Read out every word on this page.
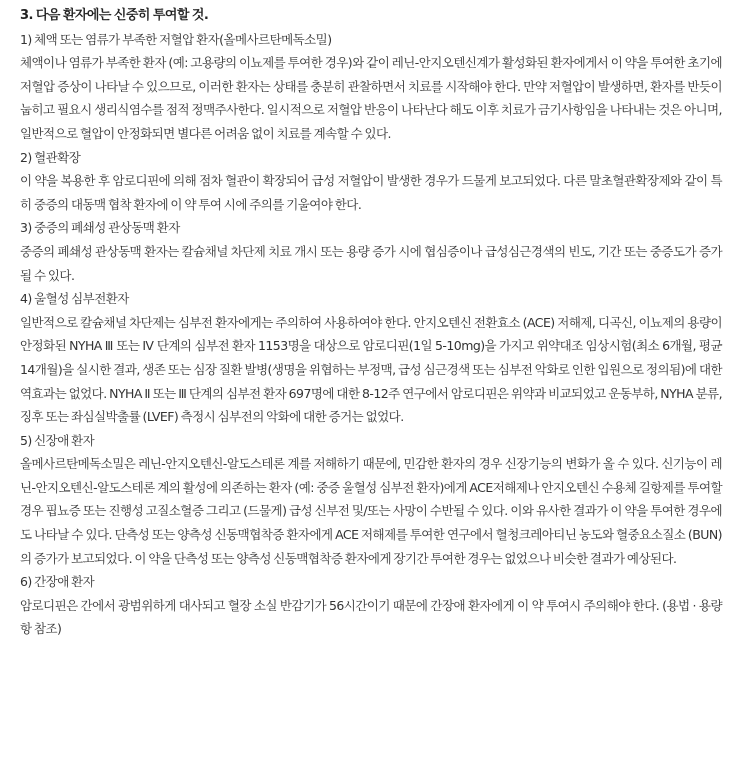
3. 다음 환자에는 신중히 투여할 것.

1) 체액 또는 염류가 부족한 저혈압 환자(올메사르탄메독소밀)

체액이나 염류가 부족한 환자 (예: 고용량의 이뇨제를 투여한 경우)와 같이 레닌-안지오텐신계가 활성화된 환자에게서 이 약을 투여한 초기에 저혈압 증상이 나타날 수 있으므로, 이러한 환자는 상태를 충분히 관찰하면서 치료를 시작해야 한다. 만약 저혈압이 발생하면, 환자를 반듯이 눕히고 필요시 생리식염수를 점적 정맥주사한다. 일시적으로 저혈압 반응이 나타난다 해도 이후 치료가 금기사항임을 나타내는 것은 아니며, 일반적으로 혈압이 안정화되면 별다른 어려움 없이 치료를 계속할 수 있다.

2) 혈관확장

이 약을 복용한 후 암로디핀에 의해 점차 혈관이 확장되어 급성 저혈압이 발생한 경우가 드물게 보고되었다. 다른 말초혈관확장제와 같이 특히 중증의 대동맥 협착 환자에 이 약 투여 시에 주의를 기울여야 한다.

3) 중증의 폐쇄성 관상동맥 환자

중증의 폐쇄성 관상동맥 환자는 칼슘채널 차단제 치료 개시 또는 용량 증가 시에 협심증이나 급성심근경색의 빈도, 기간 또는 중증도가 증가될 수 있다.

4) 울혈성 심부전환자

일반적으로 칼슘채널 차단제는 심부전 환자에게는 주의하여 사용하여야 한다. 안지오텐신 전환효소 (ACE) 저해제, 디곡신, 이뇨제의 용량이 안정화된 NYHA Ⅲ 또는 Ⅳ 단계의 심부전 환자 1153명을 대상으로 암로디핀(1일 5-10mg)을 가지고 위약대조 임상시험(최소 6개월, 평균 14개월)을 실시한 결과, 생존 또는 심장 질환 발병(생명을 위협하는 부정맥, 급성 심근경색 또는 심부전 악화로 인한 입원으로 정의됨)에 대한 역효과는 없었다. NYHA Ⅱ 또는 Ⅲ 단계의 심부전 환자 697명에 대한 8-12주 연구에서 암로디핀은 위약과 비교되었고 운동부하, NYHA 분류, 징후 또는 좌심실박출률 (LVEF) 측정시 심부전의 악화에 대한 증거는 없었다.

5) 신장애 환자

올메사르탄메독소밀은 레닌-안지오텐신-알도스테론 계를 저해하기 때문에, 민감한 환자의 경우 신장기능의 변화가 올 수 있다. 신기능이 레닌-안지오텐신-알도스테론 계의 활성에 의존하는 환자 (예: 중증 울혈성 심부전 환자)에게 ACE저해제나 안지오텐신 수용체 길항제를 투여할 경우 핍뇨증 또는 진행성 고질소혈증 그리고 (드물게) 급성 신부전 및/또는 사망이 수반될 수 있다. 이와 유사한 결과가 이 약을 투여한 경우에도 나타날 수 있다. 단측성 또는 양측성 신동맥협착증 환자에게 ACE 저해제를 투여한 연구에서 혈청크레아티닌 농도와 혈중요소질소 (BUN)의 증가가 보고되었다. 이 약을 단측성 또는 양측성 신동맥협착증 환자에게 장기간 투여한 경우는 없었으나 비슷한 결과가 예상된다.

6) 간장애 환자

암로디핀은 간에서 광범위하게 대사되고 혈장 소실 반감기가 56시간이기 때문에 간장애 환자에게 이 약 투여시 주의해야 한다. (용법 · 용량 항 참조)
